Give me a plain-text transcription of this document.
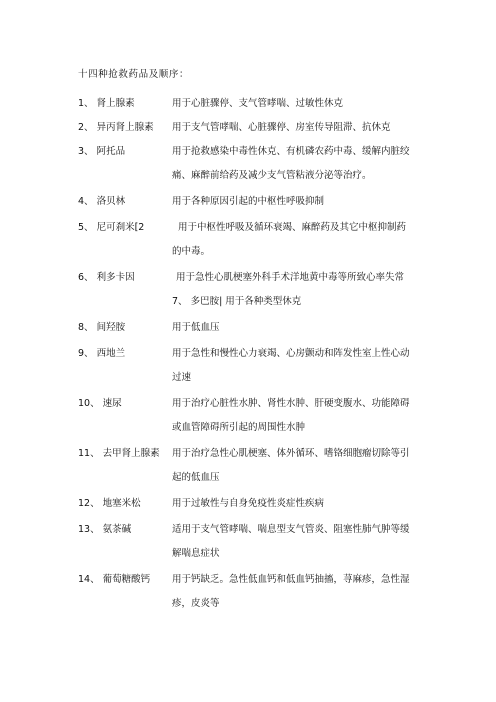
十四种抢救药品及顺序：
1、 肾上腺素	用于心脏骤停、支气管哮喘、过敏性休克
2、 异丙肾上腺素 用于支气管哮喘、心脏骤停、房室传导阻滞、抗休克
3、 阿托品	用于抢救感染中毒性休克、有机磷农药中毒、缓解内脏绞
痛、麻醉前给药及减少支气管粘液分泌等治疗。
4、 洛贝林	用于各种原因引起的中枢性呼吸抑制
5、 尼可刹米[2	用于中枢性呼吸及循环衰竭、麻醉药及其它中枢抑制药
的中毒。
6、 利多卡因	用于急性心肌梗塞外科手术洋地黄中毒等所致心率失常
7、 多巴胺| 用于各种类型休克
8、 间羟胺	用于低血压
9、 西地兰	用于急性和慢性心力衰竭、心房颤动和阵发性室上性心动
过速
10、 速尿	用于治疗心脏性水肿、肾性水肿、肝硬变腹水、功能障碍
或血管障碍所引起的周围性水肿
11、 去甲肾上腺素 用于治疗急性心肌梗塞、体外循环、嗜铬细胞瘤切除等引
起的低血压
12、 地塞米松	用于过敏性与自身免疫性炎症性疾病
13、 氨茶碱	适用于支气管哮喘、喘息型支气管炎、阻塞性肺气肿等缓
解喘息症状
14、 葡萄糖酸钙 用于钙缺乏。急性低血钙和低血钙抽搐，荨麻疹，急性湿
疹，皮炎等
